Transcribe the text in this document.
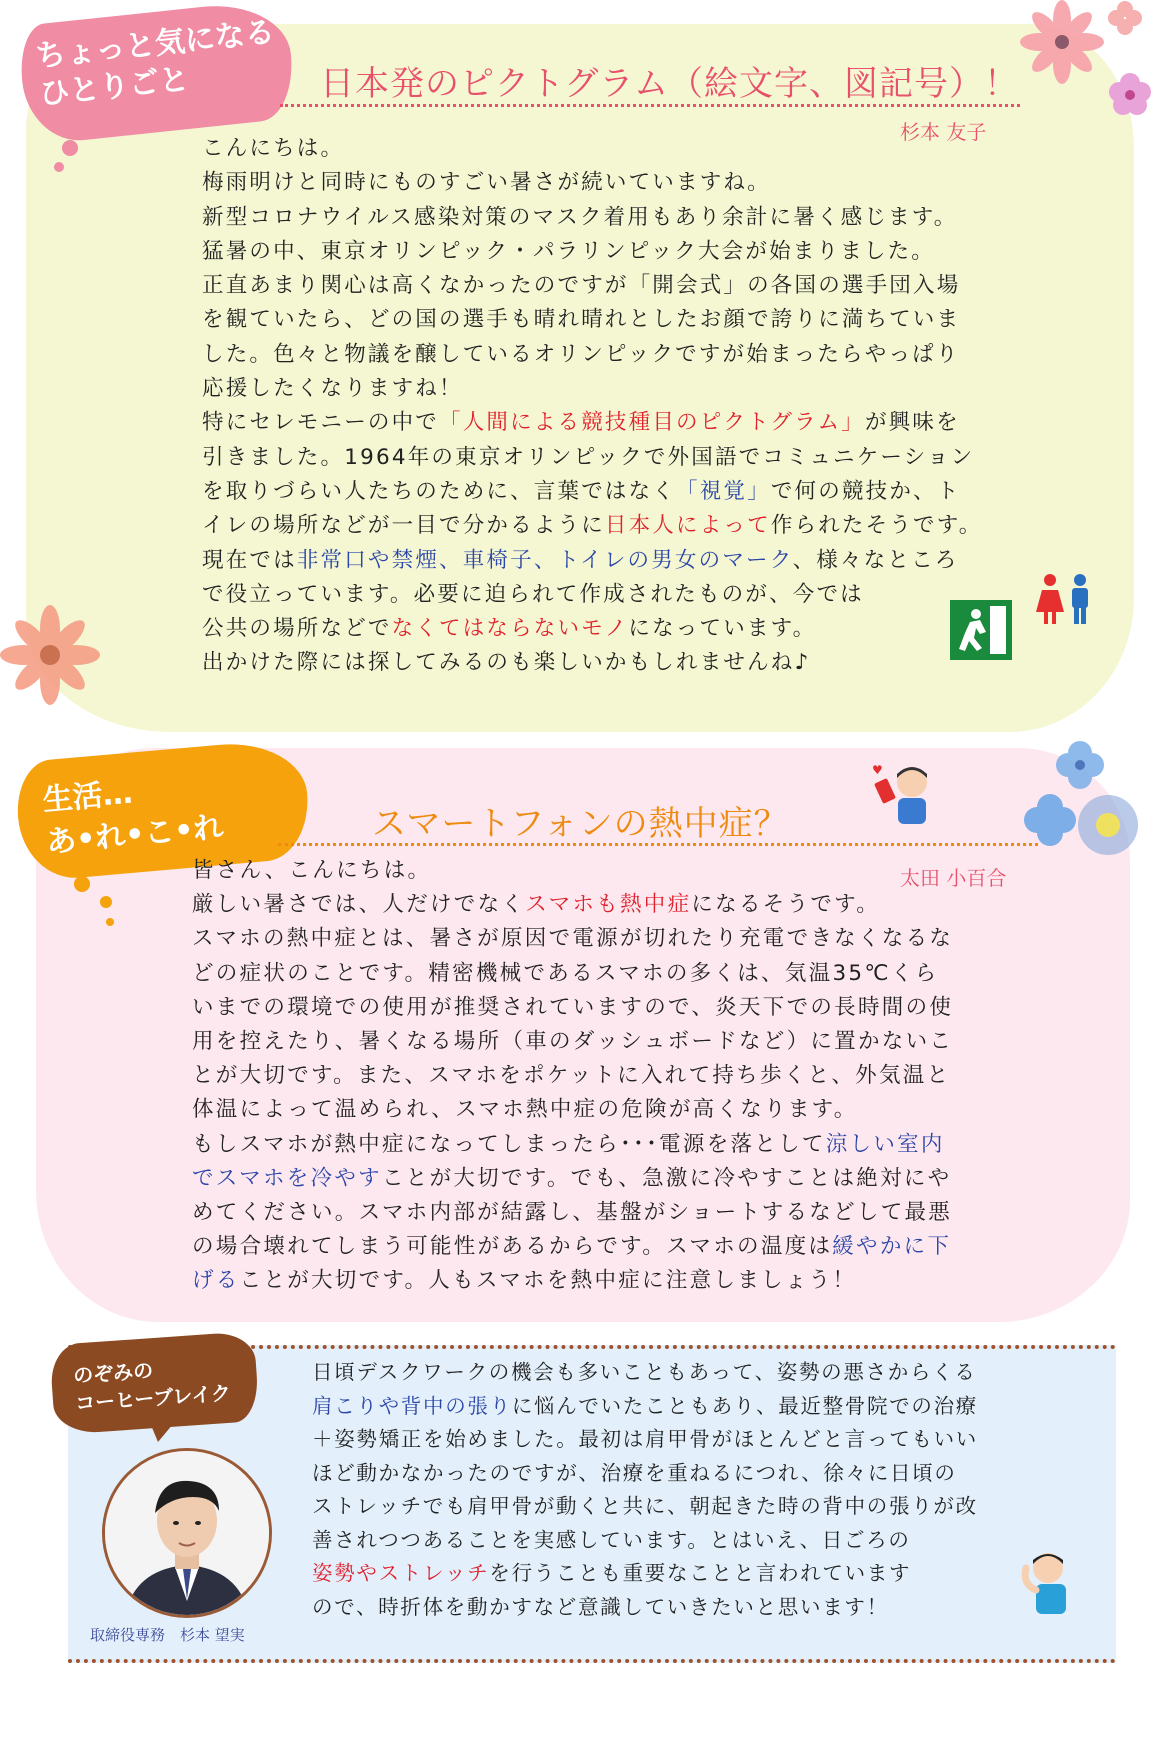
ちょっと気になる
ひとりごと	日本発のピクトグラム（絵文字、図記号）！
杉本 友子
こんにちは。
梅雨明けと同時にものすごい暑さが続いていますね。
新型コロナウイルス感染対策のマスク着用もあり余計に暑く感じます。
猛暑の中、東京オリンピック・パラリンピック大会が始まりました。
正直あまり関心は高くなかったのですが「開会式」の各国の選手団入場
を観ていたら、どの国の選手も晴れ晴れとしたお顔で誇りに満ちていま
した。色々と物議を醸しているオリンピックですが始まったらやっぱり
応援したくなりますね！
特にセレモニーの中で「人間による競技種目のピクトグラム」が興味を
引きました。1964年の東京オリンピックで外国語でコミュニケーション
を取りづらい人たちのために、言葉ではなく「視覚」で何の競技か、ト
イレの場所などが一目で分かるように日本人によって作られたそうです。
現在では非常口や禁煙、車椅子、トイレの男女のマーク、様々なところ
で役立っています。必要に迫られて作成されたものが、今では
公共の場所などでなくてはならないモノになっています。
出かけた際には探してみるのも楽しいかもしれませんね♪
生活…
あ•れ•こ•れ	スマートフォンの熱中症？
♥
太田 小百合
皆さん、こんにちは。
厳しい暑さでは、人だけでなくスマホも熱中症になるそうです。
スマホの熱中症とは、暑さが原因で電源が切れたり充電できなくなるな
どの症状のことです。精密機械であるスマホの多くは、気温35℃くら
いまでの環境での使用が推奨されていますので、炎天下での長時間の使
用を控えたり、暑くなる場所（車のダッシュボードなど）に置かないこ
とが大切です。また、スマホをポケットに入れて持ち歩くと、外気温と
体温によって温められ、スマホ熱中症の危険が高くなります。
もしスマホが熱中症になってしまったら･･･電源を落として涼しい室内
でスマホを冷やすことが大切です。でも、急激に冷やすことは絶対にや
めてください。スマホ内部が結露し、基盤がショートするなどして最悪
の場合壊れてしまう可能性があるからです。スマホの温度は緩やかに下
げることが大切です。人もスマホを熱中症に注意しましょう！
のぞみの
コーヒーブレイク
取締役専務　杉本 望実
日頃デスクワークの機会も多いこともあって、姿勢の悪さからくる
肩こりや背中の張りに悩んでいたこともあり、最近整骨院での治療
＋姿勢矯正を始めました。最初は肩甲骨がほとんどと言ってもいい
ほど動かなかったのですが、治療を重ねるにつれ、徐々に日頃の
ストレッチでも肩甲骨が動くと共に、朝起きた時の背中の張りが改
善されつつあることを実感しています。とはいえ、日ごろの
姿勢やストレッチを行うことも重要なことと言われています
ので、時折体を動かすなど意識していきたいと思います！
